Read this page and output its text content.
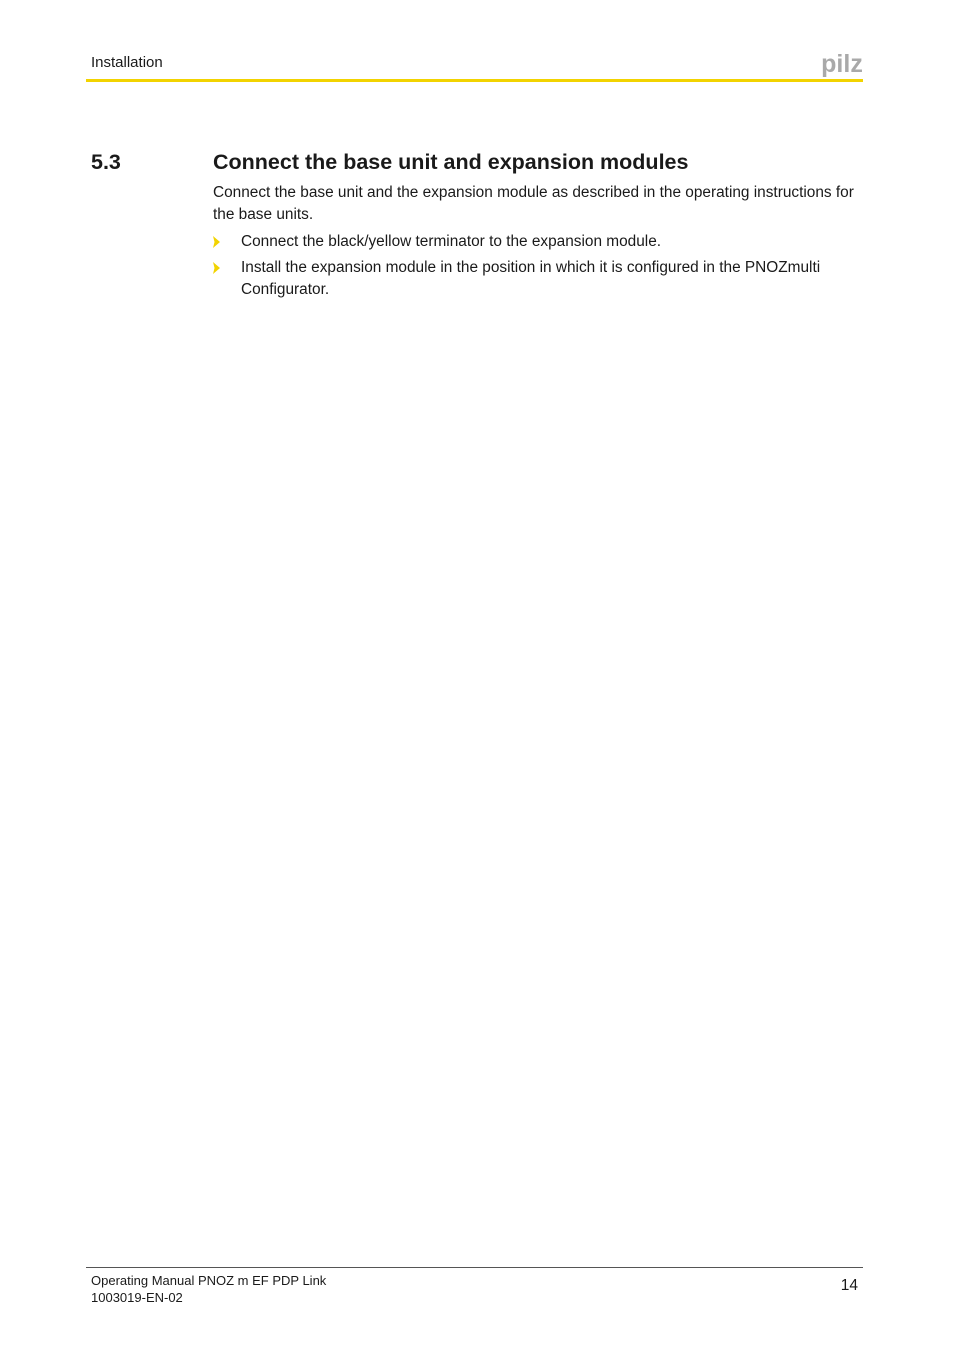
Installation	pilz
5.3	Connect the base unit and expansion modules

Connect the base unit and the expansion module as described in the operating instructions for the base units.

Connect the black/yellow terminator to the expansion module.
Install the expansion module in the position in which it is configured in the PNOZmulti Configurator.
Operating Manual PNOZ m EF PDP Link
1003019-EN-02
14
